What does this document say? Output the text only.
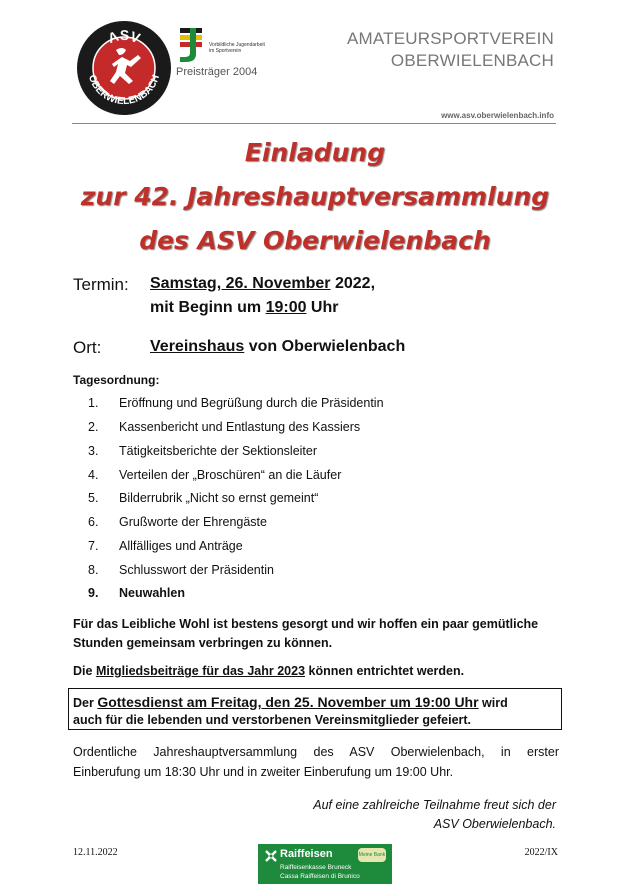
ASV
OBERWIELENBACH
Vorbildliche Jugendarbeit im Sportverein
Preisträger 2004
AMATEURSPORTVEREIN
OBERWIELENBACH
www.asv.oberwielenbach.info
Einladung
zur 42. Jahreshauptversammlung
des ASV Oberwielenbach
Termin: Samstag, 26. November 2022,
mit Beginn um 19:00 Uhr
Ort:	Vereinshaus von Oberwielenbach
Tagesordnung:
1. Eröffnung und Begrüßung durch die Präsidentin
2. Kassenbericht und Entlastung des Kassiers
3. Tätigkeitsberichte der Sektionsleiter
4. Verteilen der „Broschüren“ an die Läufer
5. Bilderrubrik „Nicht so ernst gemeint“
6. Grußworte der Ehrengäste
7. Allfälliges und Anträge
8. Schlusswort der Präsidentin
9. Neuwahlen
Für das Leibliche Wohl ist bestens gesorgt und wir hoffen ein paar gemütliche
Stunden gemeinsam verbringen zu können.
Die Mitgliedsbeiträge für das Jahr 2023 können entrichtet werden.
Der Gottesdienst am Freitag, den 25. November um 19:00 Uhr wird
auch für die lebenden und verstorbenen Vereinsmitglieder gefeiert.
Ordentliche Jahreshauptversammlung des ASV Oberwielenbach, in erster
Einberufung um 18:30 Uhr und in zweiter Einberufung um 19:00 Uhr.
Auf eine zahlreiche Teilnahme freut sich der
ASV Oberwielenbach.
12.11.2022	2022/IX
Raiffeisen	Meine Bank
Raiffeisenkasse Bruneck
Cassa Raiffeisen di Brunico
